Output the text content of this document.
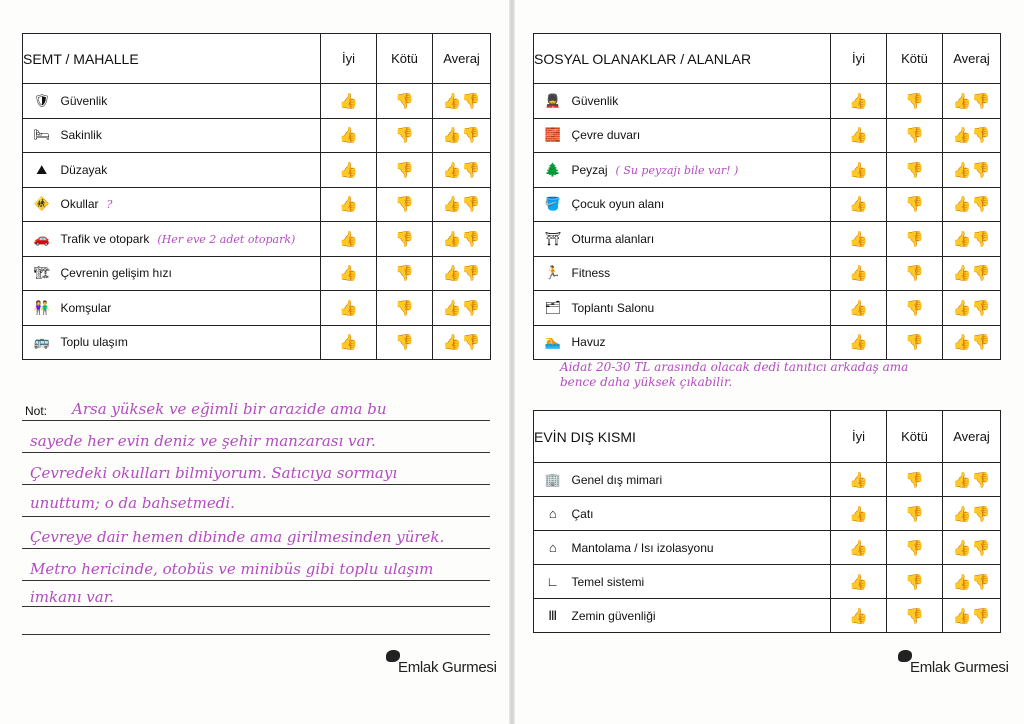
SEMT / MAHALLE		İyi	Kötü	Averaj
🛡	Güvenlik	👍	👎	👍👎
🛏	Sakinlik	👍	👎	👍👎
⛰	Düzayak	👍	👎	👍👎
🚸	Okullar ?	👍	👎	👍👎
🚗	Trafik ve otopark (Her eve 2 adet otopark)	👍	👎	👍👎
🏗	Çevrenin gelişim hızı	👍	👎	👍👎
👫	Komşular	👍	👎	👍👎
🚌	Toplu ulaşım	👍	👎	👍👎
Not: Arsa yüksek ve eğimli bir arazide ama bu
sayede her evin deniz ve şehir manzarası var.
Çevredeki okulları bilmiyorum. Satıcıya sormayı
unuttum; o da bahsetmedi.
Çevreye dair hemen dibinde ama girilmesinden yürek.
Metro hericinde, otobüs ve minibüs gibi toplu ulaşım
imkanı var.
Emlak Gurmesi
SOSYAL OLANAKLAR / ALANLAR		İyi	Kötü	Averaj
💂	Güvenlik	👍	👎	👍👎
🧱	Çevre duvarı	👍	👎	👍👎
🌲	Peyzaj ( Su peyzajı bile var! )	👍	👎	👍👎
🪣	Çocuk oyun alanı	👍	👎	👍👎
⛩	Oturma alanları	👍	👎	👍👎
🏃	Fitness	👍	👎	👍👎
🗂	Toplantı Salonu	👍	👎	👍👎
🏊	Havuz	👍	👎	👍👎
Aidat 20-30 TL arasında olacak dedi tanıtıcı arkadaş ama
bence daha yüksek çıkabilir.
EVİN DIŞ KISMI		İyi	Kötü	Averaj
🏢	Genel dış mimari	👍	👎	👍👎
⌂	Çatı	👍	👎	👍👎
⌂	Mantolama / Isı izolasyonu	👍	👎	👍👎
∟	Temel sistemi	👍	👎	👍👎
Ⅲ	Zemin güvenliği	👍	👎	👍👎
Emlak Gurmesi
